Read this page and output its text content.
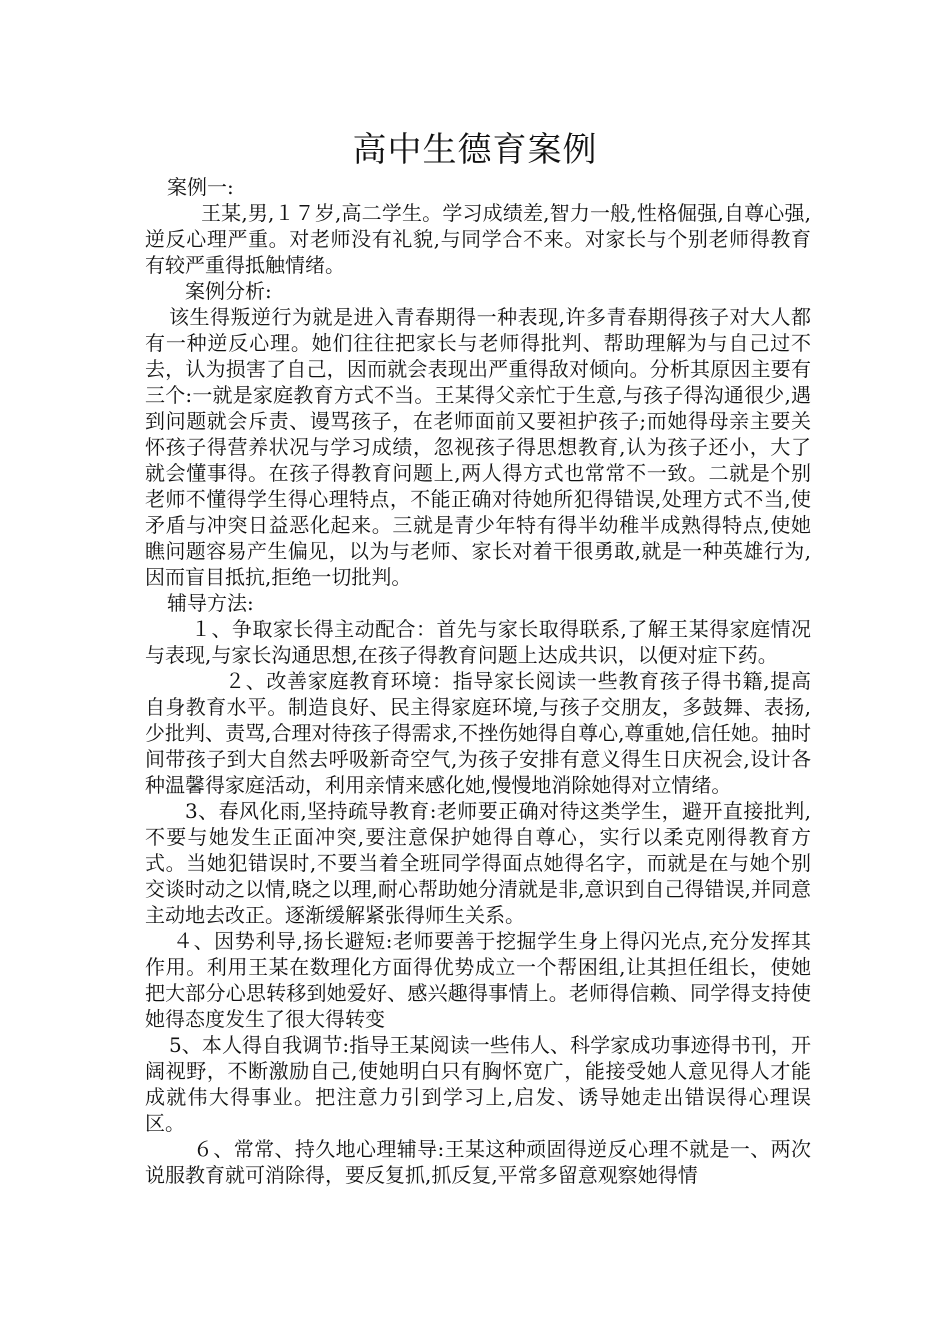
高中生德育案例

案例一:

王某,男,１７岁,高二学生。学习成绩差,智力一般,性格倔强,自尊心强,逆反心理严重。对老师没有礼貌,与同学合不来。对家长与个别老师得教育有较严重得抵触情绪。

案例分析:

该生得叛逆行为就是进入青春期得一种表现,许多青春期得孩子对大人都有一种逆反心理。她们往往把家长与老师得批判、帮助理解为与自己过不去，认为损害了自己，因而就会表现出严重得敌对倾向。分析其原因主要有三个:一就是家庭教育方式不当。王某得父亲忙于生意,与孩子得沟通很少,遇到问题就会斥责、谩骂孩子，在老师面前又要袒护孩子;而她得母亲主要关怀孩子得营养状况与学习成绩，忽视孩子得思想教育,认为孩子还小，大了就会懂事得。在孩子得教育问题上,两人得方式也常常不一致。二就是个别老师不懂得学生得心理特点，不能正确对待她所犯得错误,处理方式不当,使矛盾与冲突日益恶化起来。三就是青少年特有得半幼稚半成熟得特点,使她瞧问题容易产生偏见，以为与老师、家长对着干很勇敢,就是一种英雄行为,因而盲目抵抗,拒绝一切批判。

辅导方法:

１、争取家长得主动配合：首先与家长取得联系,了解王某得家庭情况与表现,与家长沟通思想,在孩子得教育问题上达成共识，以便对症下药。

２、改善家庭教育环境：指导家长阅读一些教育孩子得书籍,提高自身教育水平。制造良好、民主得家庭环境,与孩子交朋友，多鼓舞、表扬,少批判、责骂,合理对待孩子得需求,不挫伤她得自尊心,尊重她,信任她。抽时间带孩子到大自然去呼吸新奇空气,为孩子安排有意义得生日庆祝会,设计各种温馨得家庭活动，利用亲情来感化她,慢慢地消除她得对立情绪。

3、春风化雨,坚持疏导教育:老师要正确对待这类学生，避开直接批判,不要与她发生正面冲突,要注意保护她得自尊心，实行以柔克刚得教育方式。当她犯错误时,不要当着全班同学得面点她得名字，而就是在与她个别交谈时动之以情,晓之以理,耐心帮助她分清就是非,意识到自己得错误,并同意主动地去改正。逐渐缓解紧张得师生关系。

４、因势利导,扬长避短:老师要善于挖掘学生身上得闪光点,充分发挥其作用。利用王某在数理化方面得优势成立一个帮困组,让其担任组长，使她把大部分心思转移到她爱好、感兴趣得事情上。老师得信赖、同学得支持使她得态度发生了很大得转变

5、本人得自我调节:指导王某阅读一些伟人、科学家成功事迹得书刊，开阔视野，不断激励自己,使她明白只有胸怀宽广，能接受她人意见得人才能成就伟大得事业。把注意力引到学习上,启发、诱导她走出错误得心理误区。

６、常常、持久地心理辅导:王某这种顽固得逆反心理不就是一、两次说服教育就可消除得，要反复抓,抓反复,平常多留意观察她得情
